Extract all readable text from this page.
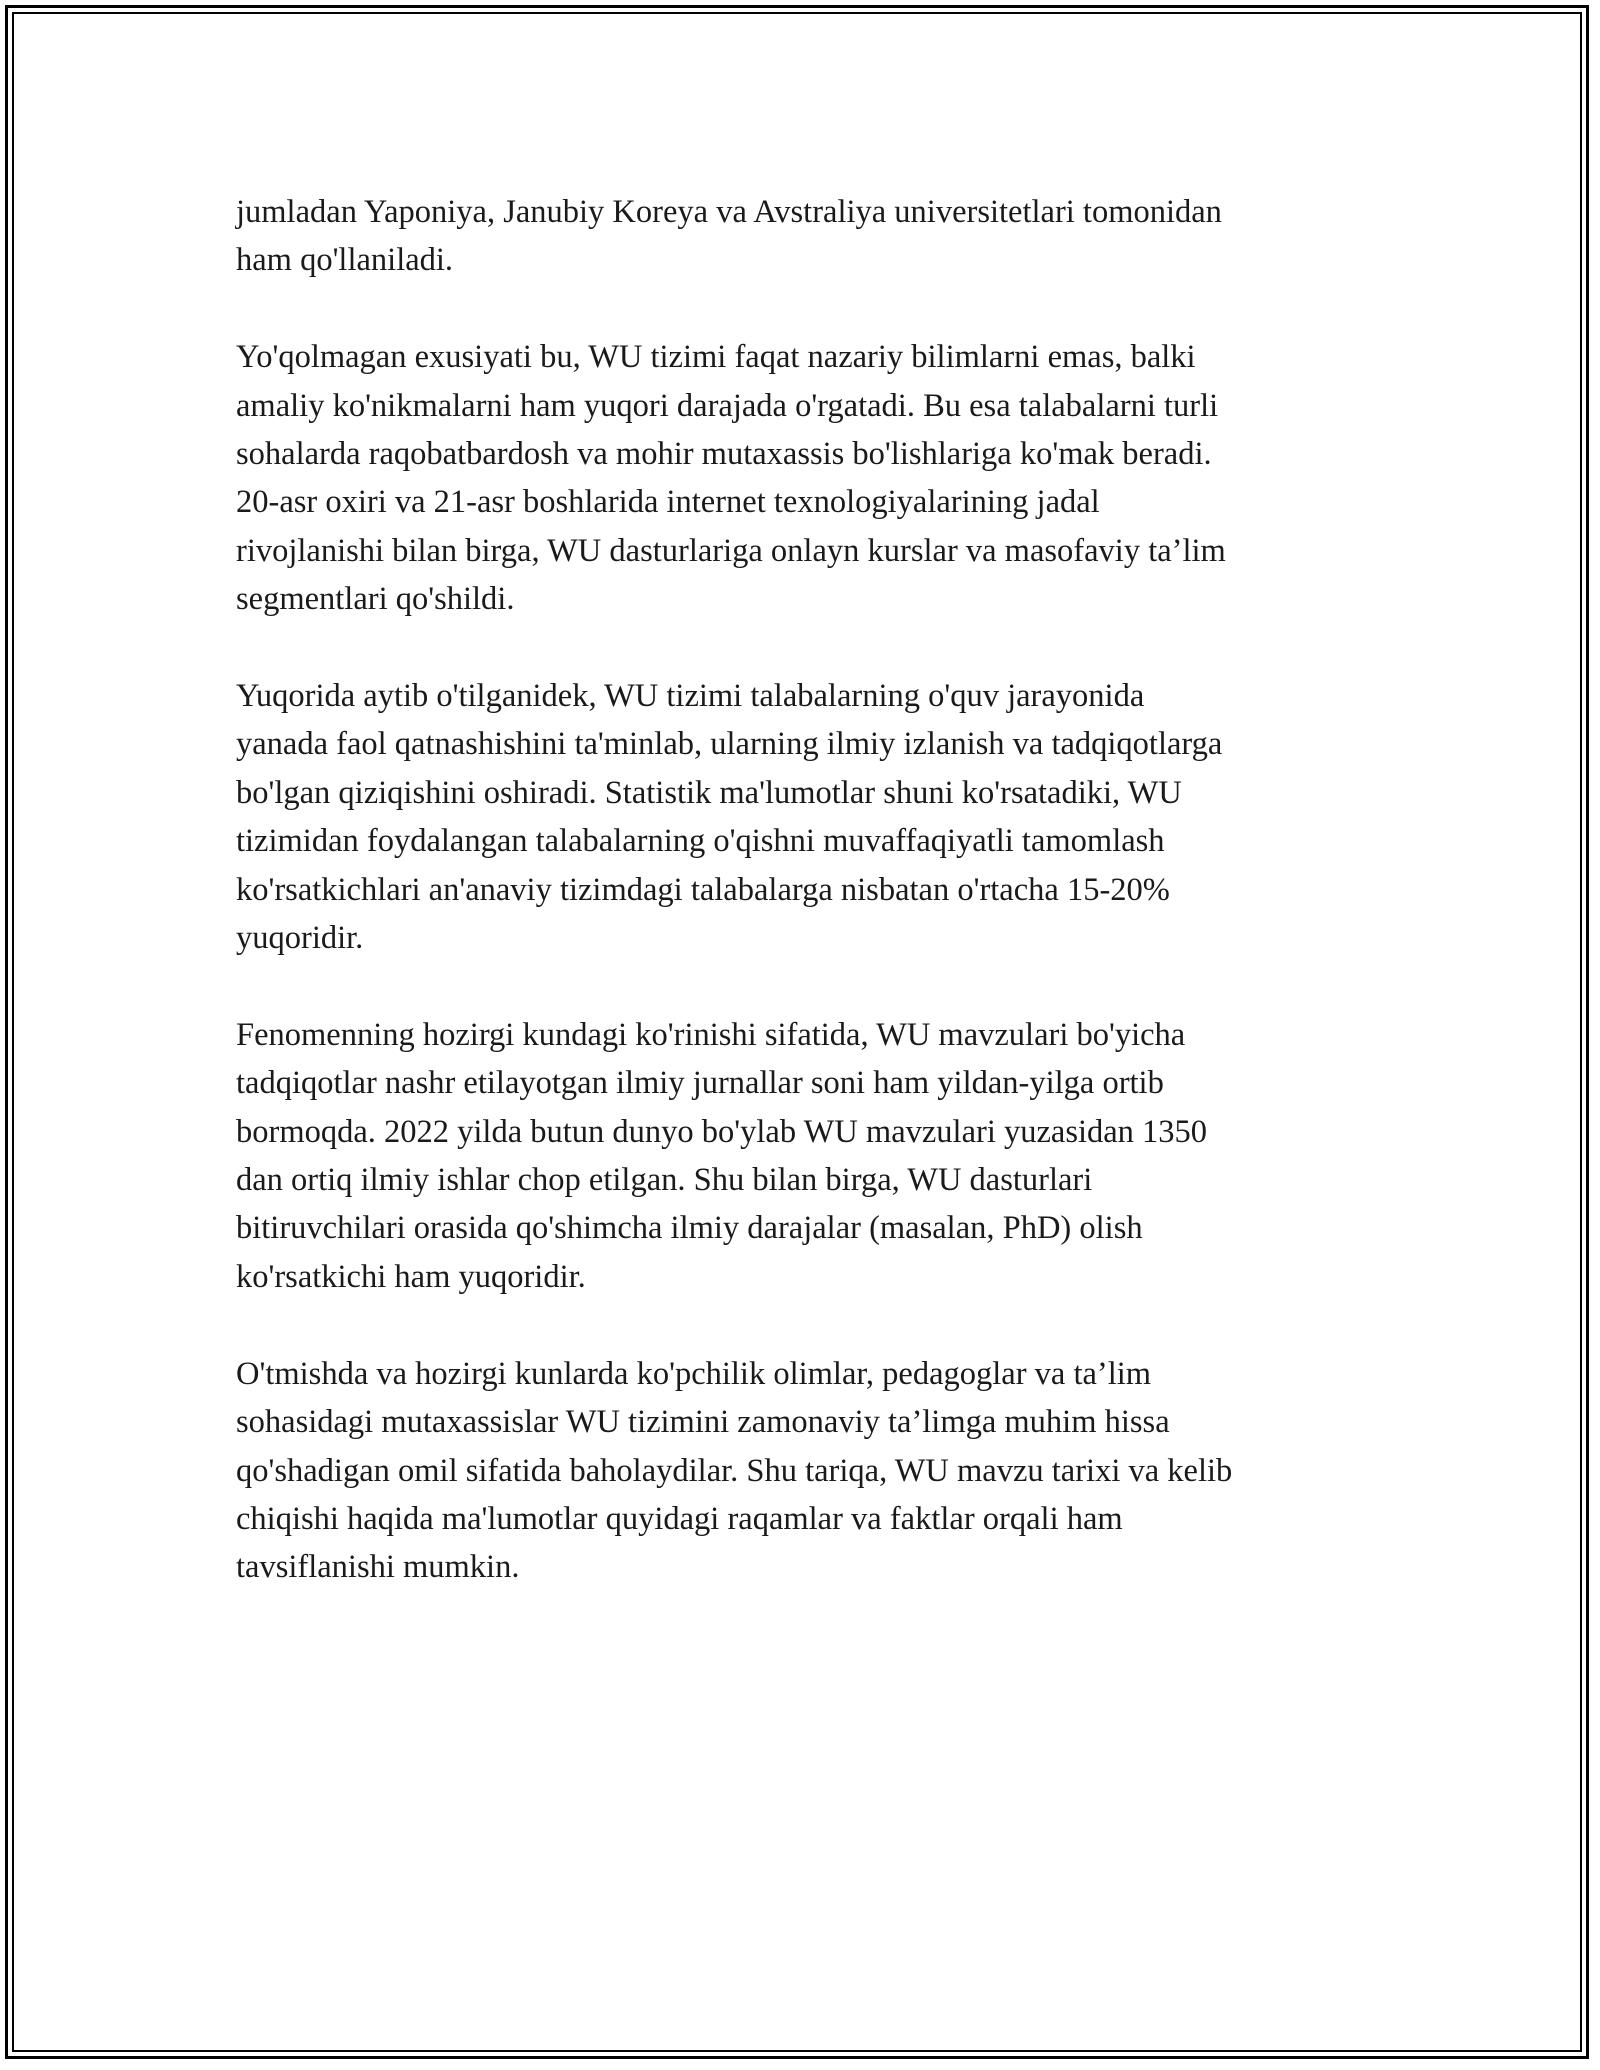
jumladan Yaponiya, Janubiy Koreya va Avstraliya universitetlari tomonidan
ham qo'llaniladi.

Yo'qolmagan exusiyati bu, WU tizimi faqat nazariy bilimlarni emas, balki
amaliy ko'nikmalarni ham yuqori darajada o'rgatadi. Bu esa talabalarni turli
sohalarda raqobatbardosh va mohir mutaxassis bo'lishlariga ko'mak beradi.
20-asr oxiri va 21-asr boshlarida internet texnologiyalarining jadal
rivojlanishi bilan birga, WU dasturlariga onlayn kurslar va masofaviy ta’lim
segmentlari qo'shildi.

Yuqorida aytib o'tilganidek, WU tizimi talabalarning o'quv jarayonida
yanada faol qatnashishini ta'minlab, ularning ilmiy izlanish va tadqiqotlarga
bo'lgan qiziqishini oshiradi. Statistik ma'lumotlar shuni ko'rsatadiki, WU
tizimidan foydalangan talabalarning o'qishni muvaffaqiyatli tamomlash
ko'rsatkichlari an'anaviy tizimdagi talabalarga nisbatan o'rtacha 15-20%
yuqoridir.

Fenomenning hozirgi kundagi ko'rinishi sifatida, WU mavzulari bo'yicha
tadqiqotlar nashr etilayotgan ilmiy jurnallar soni ham yildan-yilga ortib
bormoqda. 2022 yilda butun dunyo bo'ylab WU mavzulari yuzasidan 1350
dan ortiq ilmiy ishlar chop etilgan. Shu bilan birga, WU dasturlari
bitiruvchilari orasida qo'shimcha ilmiy darajalar (masalan, PhD) olish
ko'rsatkichi ham yuqoridir.

O'tmishda va hozirgi kunlarda ko'pchilik olimlar, pedagoglar va ta’lim
sohasidagi mutaxassislar WU tizimini zamonaviy ta’limga muhim hissa
qo'shadigan omil sifatida baholaydilar. Shu tariqa, WU mavzu tarixi va kelib
chiqishi haqida ma'lumotlar quyidagi raqamlar va faktlar orqali ham
tavsiflanishi mumkin.
